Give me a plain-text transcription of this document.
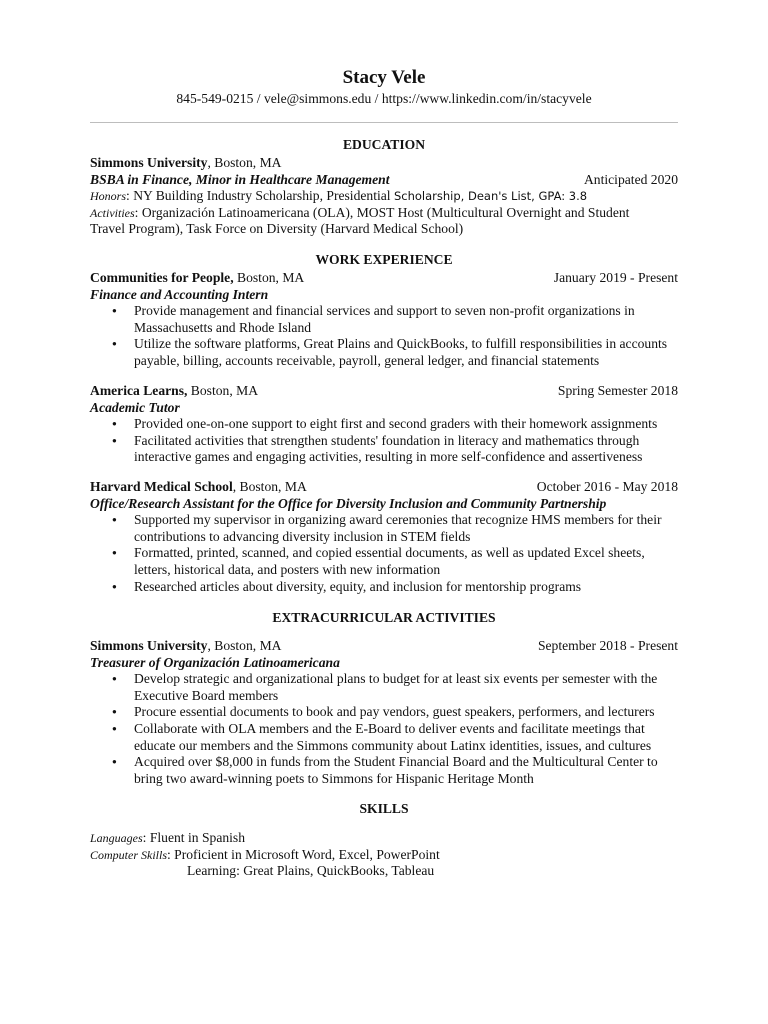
Stacy Vele
845-549-0215 / vele@simmons.edu / https://www.linkedin.com/in/stacyvele
EDUCATION
Simmons University, Boston, MA
BSBA in Finance, Minor in Healthcare Management	Anticipated 2020
Honors: NY Building Industry Scholarship, Presidential Scholarship, Dean's List, GPA: 3.8
Activities: Organización Latinoamericana (OLA), MOST Host (Multicultural Overnight and Student
Travel Program), Task Force on Diversity (Harvard Medical School)
WORK EXPERIENCE
Communities for People, Boston, MA	January 2019 - Present
Finance and Accounting Intern
● Provide management and financial services and support to seven non-profit organizations in
Massachusetts and Rhode Island
● Utilize the software platforms, Great Plains and QuickBooks, to fulfill responsibilities in accounts
payable, billing, accounts receivable, payroll, general ledger, and financial statements
America Learns, Boston, MA	Spring Semester 2018
Academic Tutor
● Provided one-on-one support to eight first and second graders with their homework assignments
● Facilitated activities that strengthen students' foundation in literacy and mathematics through
interactive games and engaging activities, resulting in more self-confidence and assertiveness
Harvard Medical School, Boston, MA	October 2016 - May 2018
Office/Research Assistant for the Office for Diversity Inclusion and Community Partnership
● Supported my supervisor in organizing award ceremonies that recognize HMS members for their
contributions to advancing diversity inclusion in STEM fields
● Formatted, printed, scanned, and copied essential documents, as well as updated Excel sheets,
letters, historical data, and posters with new information
● Researched articles about diversity, equity, and inclusion for mentorship programs
EXTRACURRICULAR ACTIVITIES
Simmons University, Boston, MA	September 2018 - Present
Treasurer of Organización Latinoamericana
● Develop strategic and organizational plans to budget for at least six events per semester with the
Executive Board members
● Procure essential documents to book and pay vendors, guest speakers, performers, and lecturers
● Collaborate with OLA members and the E-Board to deliver events and facilitate meetings that
educate our members and the Simmons community about Latinx identities, issues, and cultures
● Acquired over $8,000 in funds from the Student Financial Board and the Multicultural Center to
bring two award-winning poets to Simmons for Hispanic Heritage Month
SKILLS
Languages: Fluent in Spanish
Computer Skills: Proficient in Microsoft Word, Excel, PowerPoint
Learning: Great Plains, QuickBooks, Tableau
